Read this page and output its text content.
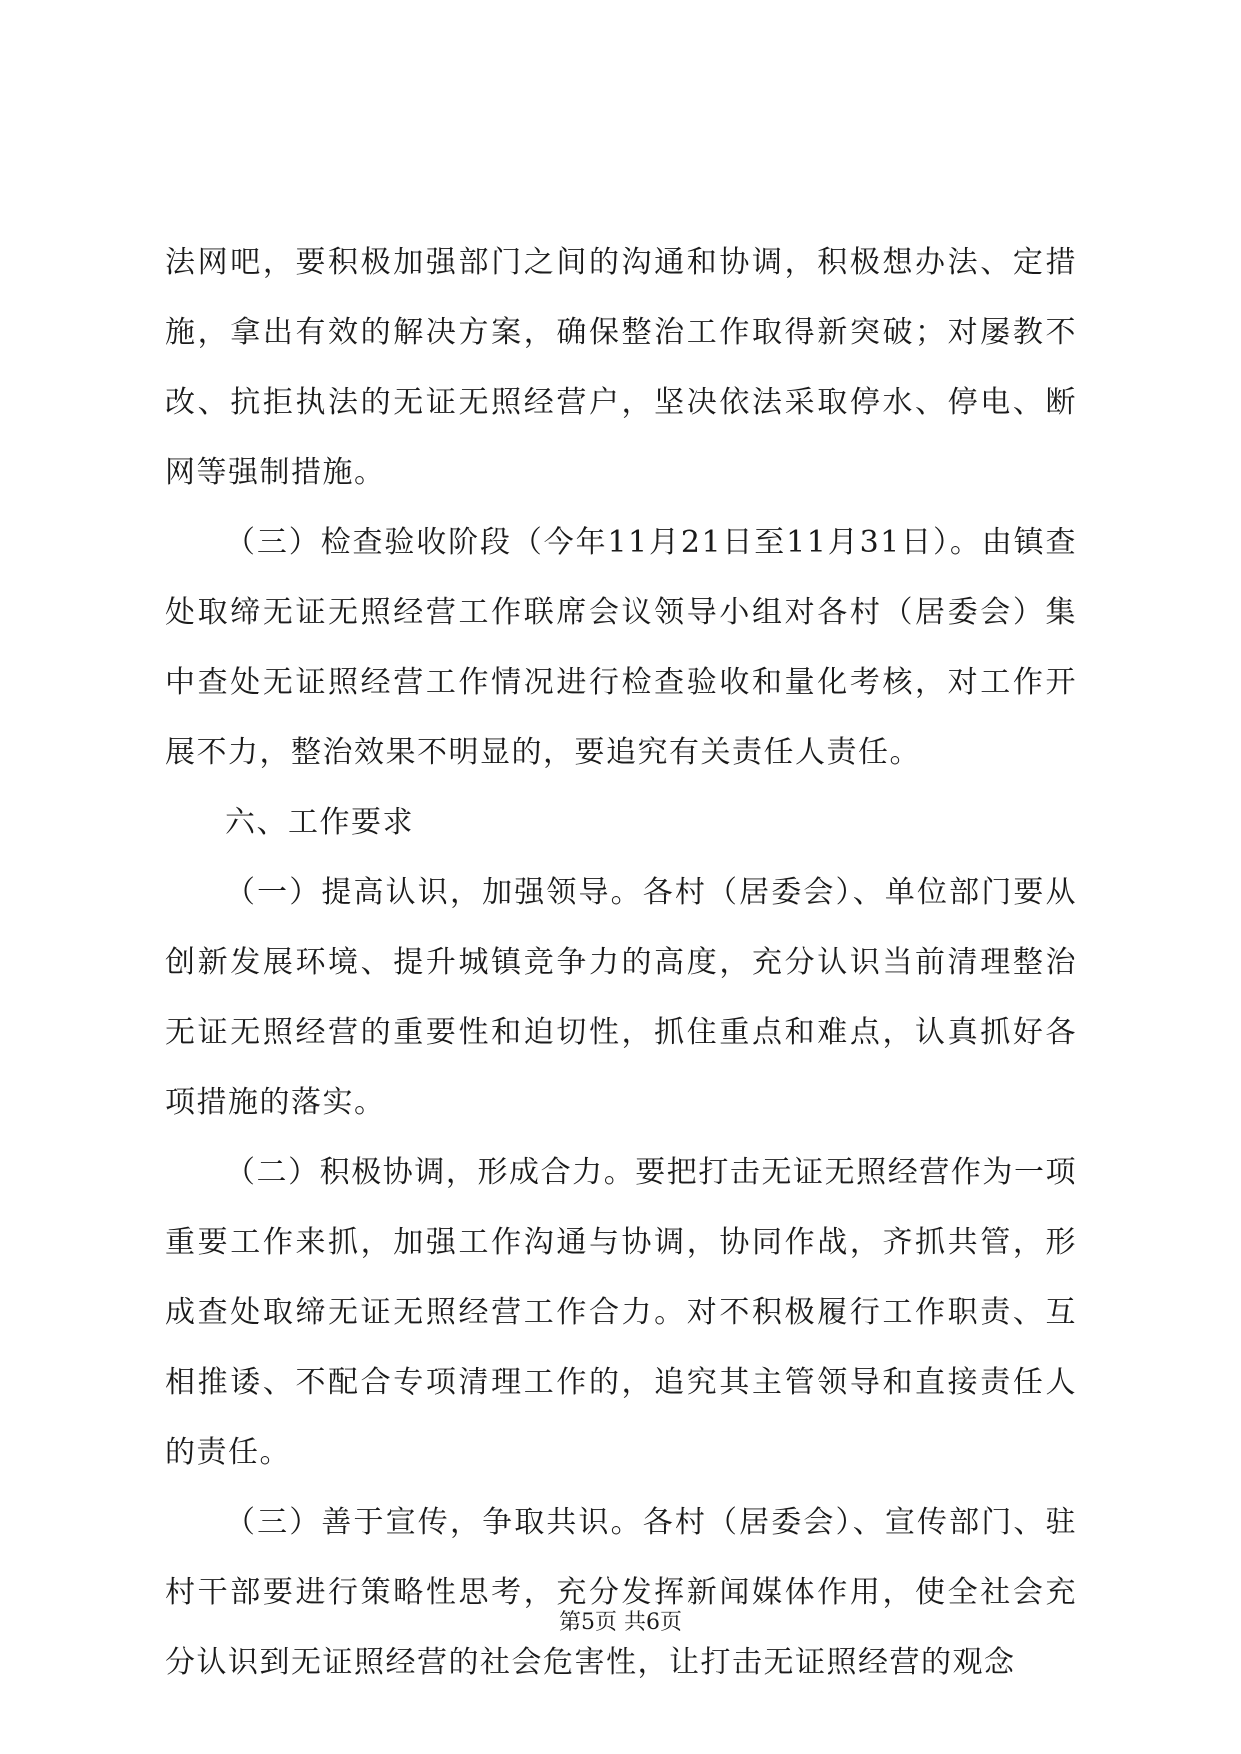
法网吧，要积极加强部门之间的沟通和协调，积极想办法、定措施，拿出有效的解决方案，确保整治工作取得新突破；对屡教不改、抗拒执法的无证无照经营户，坚决依法采取停水、停电、断网等强制措施。

（三）检查验收阶段（今年11月21日至11月31日）。由镇查处取缔无证无照经营工作联席会议领导小组对各村（居委会）集中查处无证照经营工作情况进行检查验收和量化考核，对工作开展不力，整治效果不明显的，要追究有关责任人责任。

六、工作要求

（一）提高认识，加强领导。各村（居委会）、单位部门要从创新发展环境、提升城镇竞争力的高度，充分认识当前清理整治无证无照经营的重要性和迫切性，抓住重点和难点，认真抓好各项措施的落实。

（二）积极协调，形成合力。要把打击无证无照经营作为一项重要工作来抓，加强工作沟通与协调，协同作战，齐抓共管，形成查处取缔无证无照经营工作合力。对不积极履行工作职责、互相推诿、不配合专项清理工作的，追究其主管领导和直接责任人的责任。

（三）善于宣传，争取共识。各村（居委会）、宣传部门、驻村干部要进行策略性思考，充分发挥新闻媒体作用，使全社会充分认识到无证照经营的社会危害性，让打击无证照经营的观念

第5页 共6页
